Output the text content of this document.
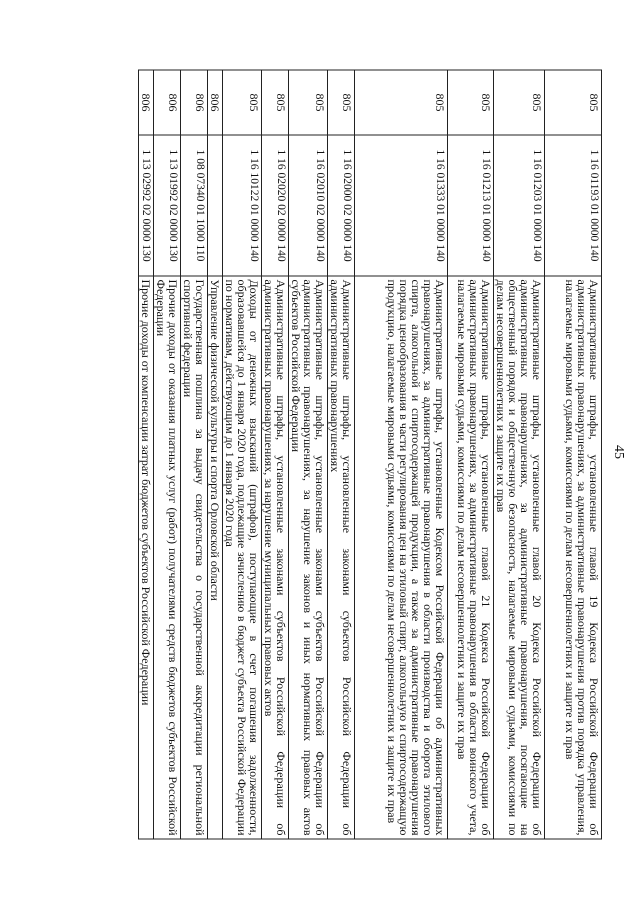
45
805	1 16 01193 01 0000 140	Административные штрафы, установленные главой 19 Кодекса Российской Федерации об административных правонарушениях, за административные правонарушения против порядка управления, налагаемые мировыми судьями, комиссиями по делам несовершеннолетних и защите их прав
805	1 16 01203 01 0000 140	Административные штрафы, установленные главой 20 Кодекса Российской Федерации об административных правонарушениях, за административные правонарушения, посягающие на общественный порядок и общественную безопасность, налагаемые мировыми судьями, комиссиями по делам несовершеннолетних и защите их прав
805	1 16 01213 01 0000 140	Административные штрафы, установленные главой 21 Кодекса Российской Федерации об административных правонарушениях, за административные правонарушения в области воинского учета, налагаемые мировыми судьями, комиссиями по делам несовершеннолетних и защите их прав
805	1 16 01333 01 0000 140	Административные штрафы, установленные Кодексом Российской Федерации об административных правонарушениях, за административные правонарушения в области производства и оборота этилового спирта, алкогольной и спиртосодержащей продукции, а также за административные правонарушения порядка ценообразования в части регулирования цен на этиловый спирт, алкогольную и спиртосодержащую продукцию, налагаемые мировыми судьями, комиссиями по делам несовершеннолетних и защите их прав
805	1 16 02000 02 0000 140	Административные штрафы, установленные законами субъектов Российской Федерации об административных правонарушениях
805	1 16 02010 02 0000 140	Административные штрафы, установленные законами субъектов Российской Федерации об административных правонарушениях, за нарушение законов и иных нормативных правовых актов субъектов Российской Федерации
805	1 16 02020 02 0000 140	Административные штрафы, установленные законами субъектов Российской Федерации об административных правонарушениях, за нарушение муниципальных правовых актов
805	1 16 10122 01 0000 140	Доходы от денежных взысканий (штрафов), поступающие в счет погашения задолженности, образовавшейся до 1 января 2020 года, подлежащие зачислению в бюджет субъекта Российской Федерации по нормативам, действующим до 1 января 2020 года
806		Управление физической культуры и спорта Орловской области
806	1 08 07340 01 1000 110	Государственная пошлина за выдачу свидетельства о государственной аккредитации региональной спортивной федерации
806	1 13 01992 02 0000 130	Прочие доходы от оказания платных услуг (работ) получателями средств бюджетов субъектов Российской Федерации
806	1 13 02992 02 0000 130	Прочие доходы от компенсации затрат бюджетов субъектов Российской Федерации
